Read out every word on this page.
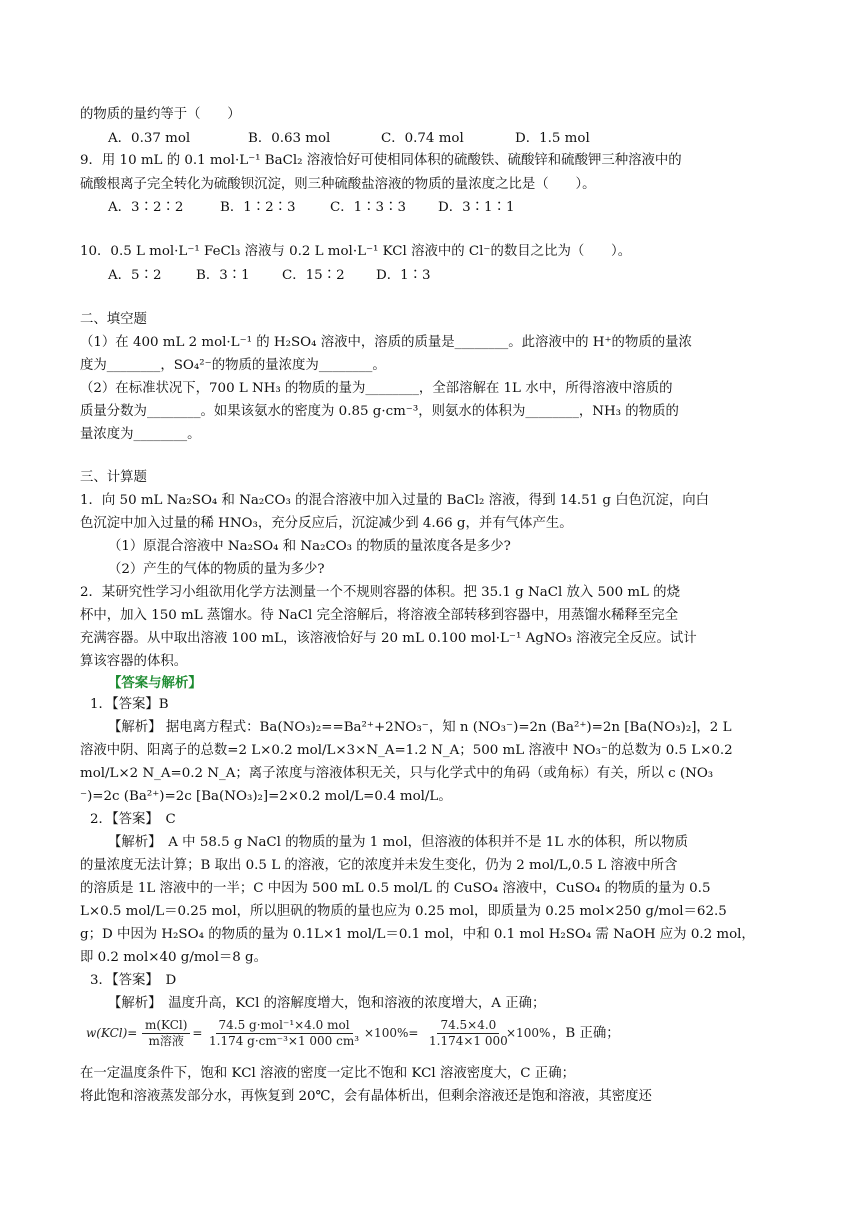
的物质的量约等于（　　）
A．0.37 mol	B．0.63 mol	C．0.74 mol	D．1.5 mol
9．用 10 mL 的 0.1 mol·L⁻¹ BaCl₂ 溶液恰好可使相同体积的硫酸铁、硫酸锌和硫酸钾三种溶液中的
硫酸根离子完全转化为硫酸钡沉淀，则三种硫酸盐溶液的物质的量浓度之比是（　　）。
A．3∶2∶2	B．1∶2∶3	C．1∶3∶3 D．3∶1∶1
10．0.5 L mol·L⁻¹ FeCl₃ 溶液与 0.2 L mol·L⁻¹ KCl 溶液中的 Cl⁻的数目之比为（　　）。
A．5∶2	B．3∶1 C．15∶2 D．1∶3
二、填空题
（1）在 400 mL 2 mol·L⁻¹ 的 H₂SO₄ 溶液中，溶质的质量是________。此溶液中的 H⁺的物质的量浓
度为________，SO₄²⁻的物质的量浓度为________。
（2）在标准状况下，700 L NH₃ 的物质的量为________，全部溶解在 1L 水中，所得溶液中溶质的
质量分数为________。如果该氨水的密度为 0.85 g·cm⁻³，则氨水的体积为________，NH₃ 的物质的
量浓度为________。
三、计算题
1．向 50 mL Na₂SO₄ 和 Na₂CO₃ 的混合溶液中加入过量的 BaCl₂ 溶液，得到 14.51 g 白色沉淀，向白
色沉淀中加入过量的稀 HNO₃，充分反应后，沉淀减少到 4.66 g，并有气体产生。
（1）原混合溶液中 Na₂SO₄ 和 Na₂CO₃ 的物质的量浓度各是多少?
（2）产生的气体的物质的量为多少?
2．某研究性学习小组欲用化学方法测量一个不规则容器的体积。把 35.1 g NaCl 放入 500 mL 的烧
杯中，加入 150 mL 蒸馏水。待 NaCl 完全溶解后，将溶液全部转移到容器中，用蒸馏水稀释至完全
充满容器。从中取出溶液 100 mL，该溶液恰好与 20 mL 0.100 mol·L⁻¹ AgNO₃ 溶液完全反应。试计
算该容器的体积。
【答案与解析】
1．【答案】B
【解析】 据电离方程式：Ba(NO₃)₂==Ba²⁺+2NO₃⁻，知 n (NO₃⁻)=2n (Ba²⁺)=2n [Ba(NO₃)₂]，2 L
溶液中阴、阳离子的总数=2 L×0.2 mol/L×3×N_A=1.2 N_A；500 mL 溶液中 NO₃⁻的总数为 0.5 L×0.2
mol/L×2 N_A=0.2 N_A；离子浓度与溶液体积无关，只与化学式中的角码（或角标）有关，所以 c (NO₃
⁻)=2c (Ba²⁺)=2c [Ba(NO₃)₂]=2×0.2 mol/L=0.4 mol/L。
2．【答案】　C
【解析】　A 中 58.5 g NaCl 的物质的量为 1 mol，但溶液的体积并不是 1L 水的体积，所以物质
的量浓度无法计算；B 取出 0.5 L 的溶液，它的浓度并未发生变化，仍为 2 mol/L,0.5 L 溶液中所含
的溶质是 1L 溶液中的一半；C 中因为 500 mL 0.5 mol/L 的 CuSO₄ 溶液中，CuSO₄ 的物质的量为 0.5
L×0.5 mol/L＝0.25 mol，所以胆矾的物质的量也应为 0.25 mol，即质量为 0.25 mol×250 g/mol＝62.5
g；D 中因为 H₂SO₄ 的物质的量为 0.1L×1 mol/L＝0.1 mol，中和 0.1 mol H₂SO₄ 需 NaOH 应为 0.2 mol，
即 0.2 mol×40 g/mol＝8 g。
3．【答案】　D
【解析】　温度升高，KCl 的溶解度增大，饱和溶液的浓度增大，A 正确；
$w(KCl)= \frac{\text{m(KCl)}}{\text{m溶液}} = \frac{\text{74.5 g·mol⁻¹×4.0 mol}}{\text{1.174 g·cm⁻³×1 000 cm³}} \times 100\%= \frac{74.5\times 4.0}{1.174\times 1 000}$
×100% ，B 正确；
在一定温度条件下，饱和 KCl 溶液的密度一定比不饱和 KCl 溶液密度大，C 正确；
将此饱和溶液蒸发部分水，再恢复到 20℃，会有晶体析出，但剩余溶液还是饱和溶液，其密度还
